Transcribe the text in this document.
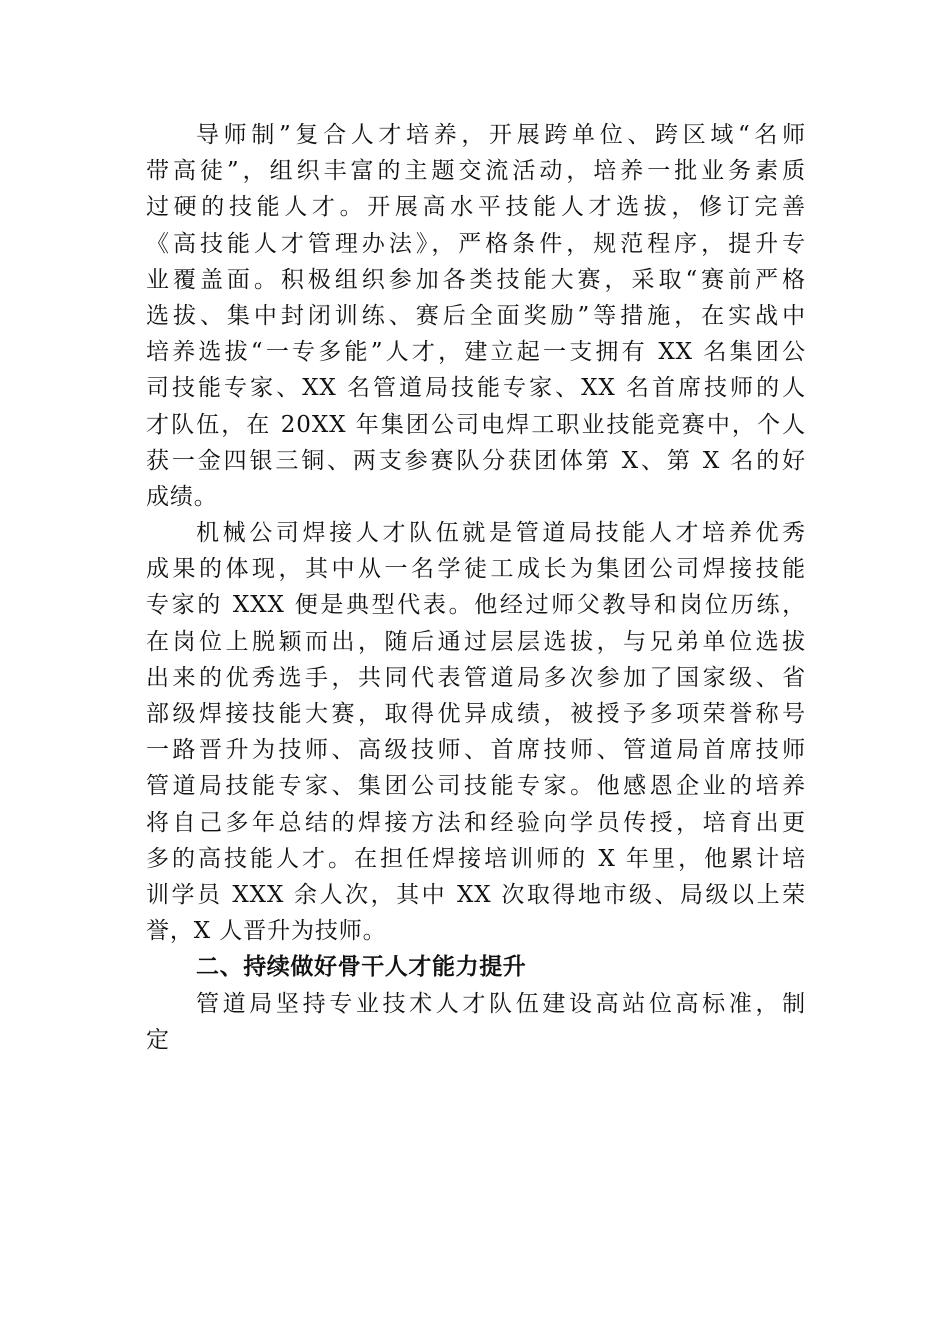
导师制”复合人才培养，开展跨单位、跨区域“名师
带高徒”，组织丰富的主题交流活动，培养一批业务素质
过硬的技能人才。开展高水平技能人才选拔，修订完善
《高技能人才管理办法》，严格条件，规范程序，提升专
业覆盖面。积极组织参加各类技能大赛，采取“赛前严格
选拔、集中封闭训练、赛后全面奖励”等措施，在实战中
培养选拔“一专多能”人才，建立起一支拥有 XX 名集团公
司技能专家、XX 名管道局技能专家、XX 名首席技师的人
才队伍，在 20XX 年集团公司电焊工职业技能竞赛中，个人
获一金四银三铜、两支参赛队分获团体第 X、第 X 名的好
成绩。
机械公司焊接人才队伍就是管道局技能人才培养优秀
成果的体现，其中从一名学徒工成长为集团公司焊接技能
专家的 XXX 便是典型代表。他经过师父教导和岗位历练，
在岗位上脱颖而出，随后通过层层选拔，与兄弟单位选拔
出来的优秀选手，共同代表管道局多次参加了国家级、省
部级焊接技能大赛，取得优异成绩，被授予多项荣誉称号
一路晋升为技师、高级技师、首席技师、管道局首席技师
管道局技能专家、集团公司技能专家。他感恩企业的培养
将自己多年总结的焊接方法和经验向学员传授，培育出更
多的高技能人才。在担任焊接培训师的 X 年里，他累计培
训学员 XXX 余人次，其中 XX 次取得地市级、局级以上荣
誉，X 人晋升为技师。
二、持续做好骨干人才能力提升
管道局坚持专业技术人才队伍建设高站位高标准，制
定
